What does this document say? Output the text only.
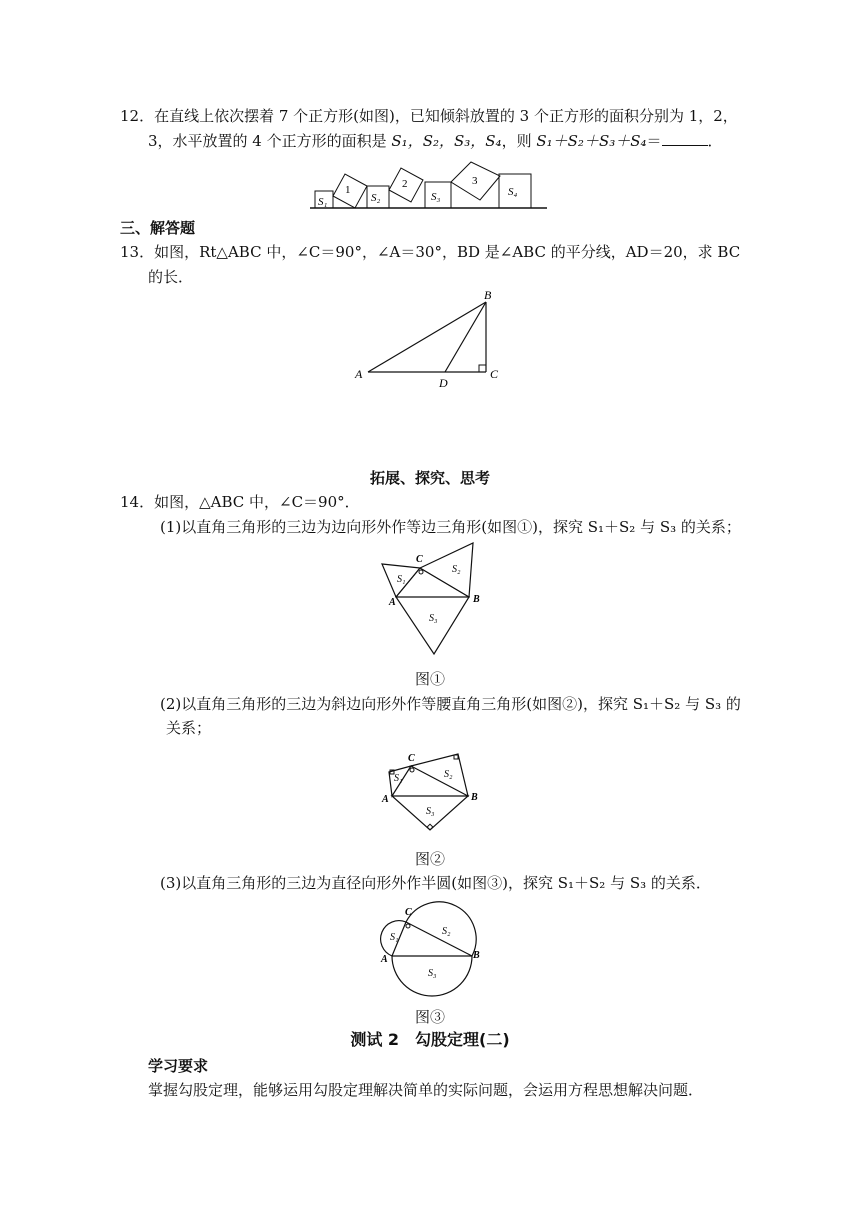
12．在直线上依次摆着 7 个正方形(如图)，已知倾斜放置的 3 个正方形的面积分别为 1，2，
3，水平放置的 4 个正方形的面积是 S₁，S₂，S₃，S₄，则 S₁＋S₂＋S₃＋S₄＝	．
S₁
1
S₂
2
S₃
3
S₄
三、解答题
13．如图，Rt△ABC 中，∠C＝90°，∠A＝30°，BD 是∠ABC 的平分线，AD＝20，求 BC
的长．
A
B
C
D
拓展、探究、思考
14．如图，△ABC 中，∠C＝90°．
(1)以直角三角形的三边为边向形外作等边三角形(如图①)，探究 S₁＋S₂ 与 S₃ 的关系；
C
A	B
S₁
S₂
S₃
图①
(2)以直角三角形的三边为斜边向形外作等腰直角三角形(如图②)，探究 S₁＋S₂ 与 S₃ 的
关系；
C
A	B
S₁	S₂
S₃
图②
(3)以直角三角形的三边为直径向形外作半圆(如图③)，探究 S₁＋S₂ 与 S₃ 的关系．
C
A	B
S₁
S₂
S₃
图③
测试 2　勾股定理(二)
学习要求
掌握勾股定理，能够运用勾股定理解决简单的实际问题，会运用方程思想解决问题．
